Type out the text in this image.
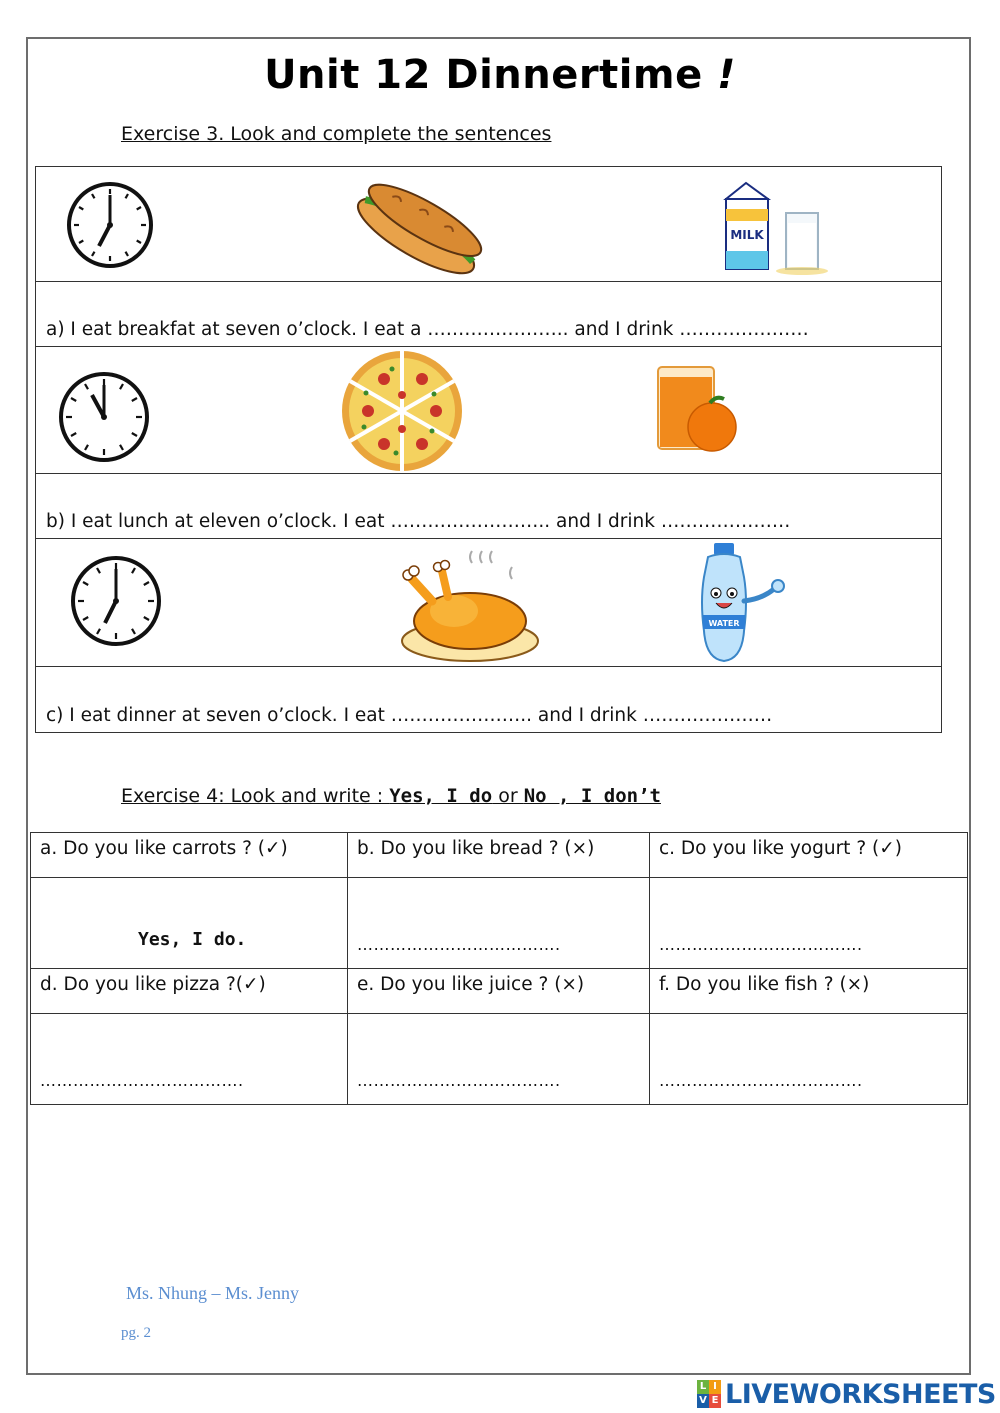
Unit 12 Dinnertime !
Exercise 3. Look and complete the sentences
MILK
a) I eat breakfat at seven o’clock. I eat a ………………….. and I drink …………………
b) I eat lunch at eleven o’clock. I eat …………………….. and I drink …………………
WATER
c) I eat dinner at seven o’clock. I eat ………………….. and I drink …………………
Exercise 4: Look and write : Yes, I do or No , I don’t
a. Do you like carrots ? (✓)	b. Do you like bread ? (×)	c. Do you like yogurt ? (✓)

Yes, I do.	……………………………….	……………………………….

d. Do you like pizza ?(✓)	e. Do you like juice ? (×)	f. Do you like fish ? (×)

……………………………….	……………………………….	……………………………….
Ms. Nhung – Ms. Jenny
pg. 2
L I
V E LIVEWORKSHEETS
